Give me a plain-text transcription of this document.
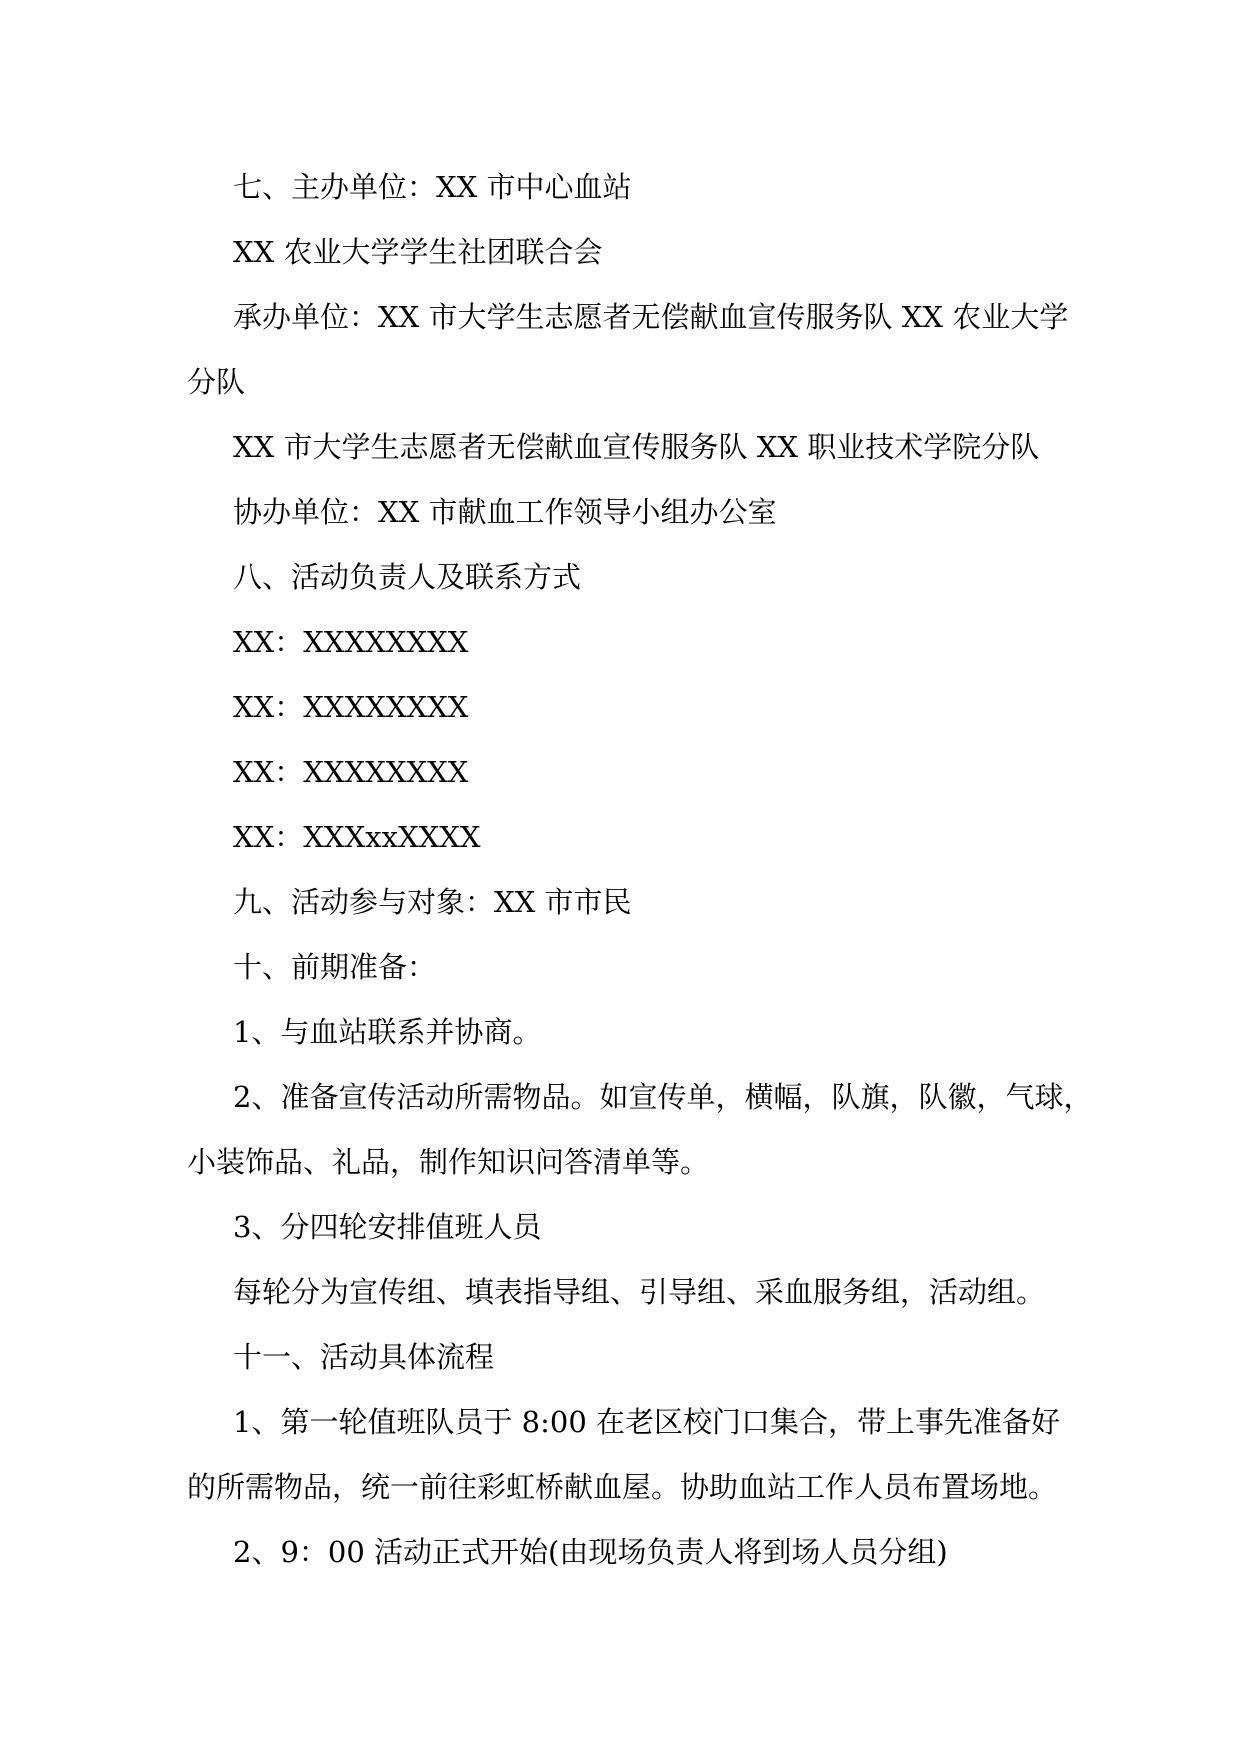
七、主办单位：XX 市中心血站

XX 农业大学学生社团联合会

承办单位：XX 市大学生志愿者无偿献血宣传服务队 XX 农业大学

分队

XX 市大学生志愿者无偿献血宣传服务队 XX 职业技术学院分队

协办单位：XX 市献血工作领导小组办公室

八、活动负责人及联系方式

XX：XXXXXXXX

XX：XXXXXXXX

XX：XXXXXXXX

XX：XXXxxXXXX

九、活动参与对象：XX 市市民

十、前期准备：

1、与血站联系并协商。

2、准备宣传活动所需物品。如宣传单，横幅，队旗，队徽，气球，

小装饰品、礼品，制作知识问答清单等。

3、分四轮安排值班人员

每轮分为宣传组、填表指导组、引导组、采血服务组，活动组。

十一、活动具体流程

1、第一轮值班队员于 8:00 在老区校门口集合，带上事先准备好

的所需物品，统一前往彩虹桥献血屋。协助血站工作人员布置场地。

2、9：00 活动正式开始(由现场负责人将到场人员分组)
